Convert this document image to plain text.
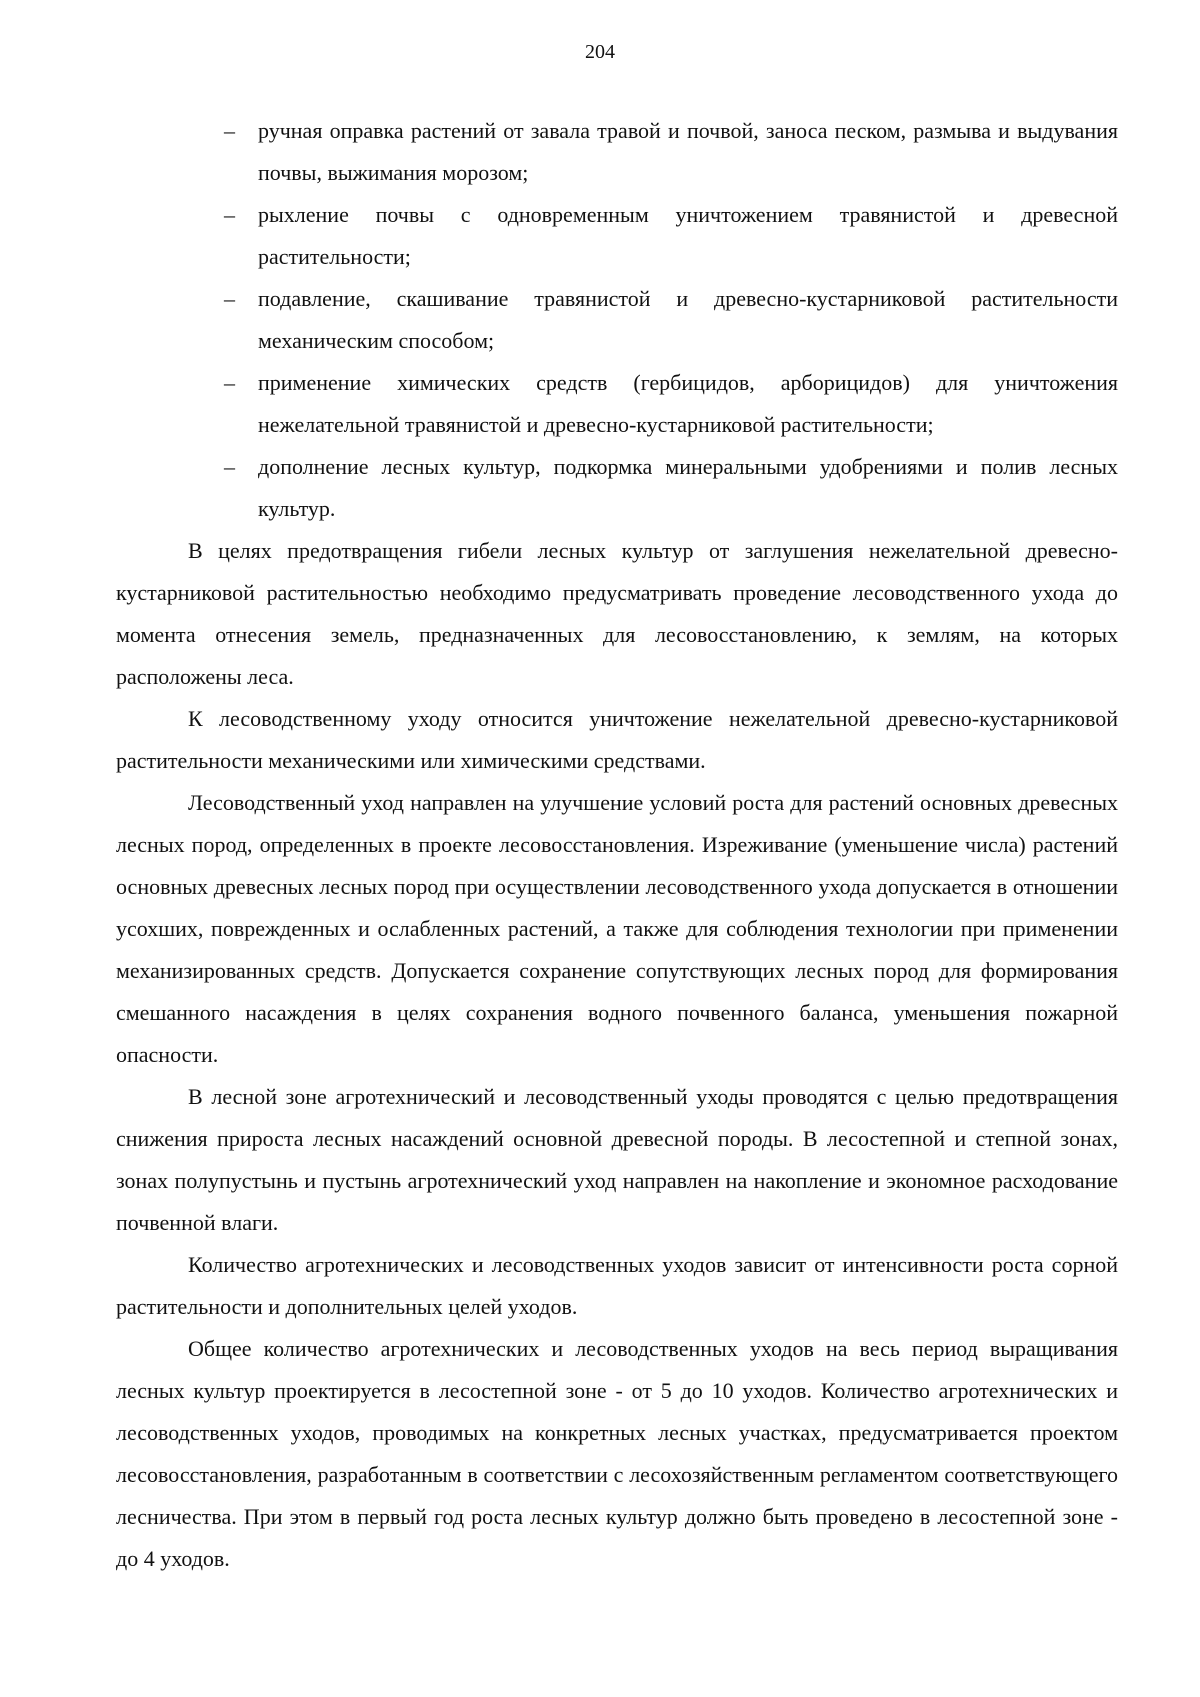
204
– ручная оправка растений от завала травой и почвой, заноса песком, размыва и выдувания почвы, выжимания морозом;
– рыхление почвы с одновременным уничтожением травянистой и древесной растительности;
– подавление, скашивание травянистой и древесно-кустарниковой растительности механическим способом;
– применение химических средств (гербицидов, арборицидов) для уничтожения нежелательной травянистой и древесно-кустарниковой растительности;
– дополнение лесных культур, подкормка минеральными удобрениями и полив лесных культур.

В целях предотвращения гибели лесных культур от заглушения нежелательной древесно-кустарниковой растительностью необходимо предусматривать проведение лесоводственного ухода до момента отнесения земель, предназначенных для лесовосстановлению, к землям, на которых расположены леса.

К лесоводственному уходу относится уничтожение нежелательной древесно-кустарниковой растительности механическими или химическими средствами.

Лесоводственный уход направлен на улучшение условий роста для растений основных древесных лесных пород, определенных в проекте лесовосстановления. Изреживание (уменьшение числа) растений основных древесных лесных пород при осуществлении лесоводственного ухода допускается в отношении усохших, поврежденных и ослабленных растений, а также для соблюдения технологии при применении механизированных средств. Допускается сохранение сопутствующих лесных пород для формирования смешанного насаждения в целях сохранения водного почвенного баланса, уменьшения пожарной опасности.

В лесной зоне агротехнический и лесоводственный уходы проводятся с целью предотвращения снижения прироста лесных насаждений основной древесной породы. В лесостепной и степной зонах, зонах полупустынь и пустынь агротехнический уход направлен на накопление и экономное расходование почвенной влаги.

Количество агротехнических и лесоводственных уходов зависит от интенсивности роста сорной растительности и дополнительных целей уходов.

Общее количество агротехнических и лесоводственных уходов на весь период выращивания лесных культур проектируется в лесостепной зоне - от 5 до 10 уходов. Количество агротехнических и лесоводственных уходов, проводимых на конкретных лесных участках, предусматривается проектом лесовосстановления, разработанным в соответствии с лесохозяйственным регламентом соответствующего лесничества. При этом в первый год роста лесных культур должно быть проведено в лесостепной зоне - до 4 уходов.
